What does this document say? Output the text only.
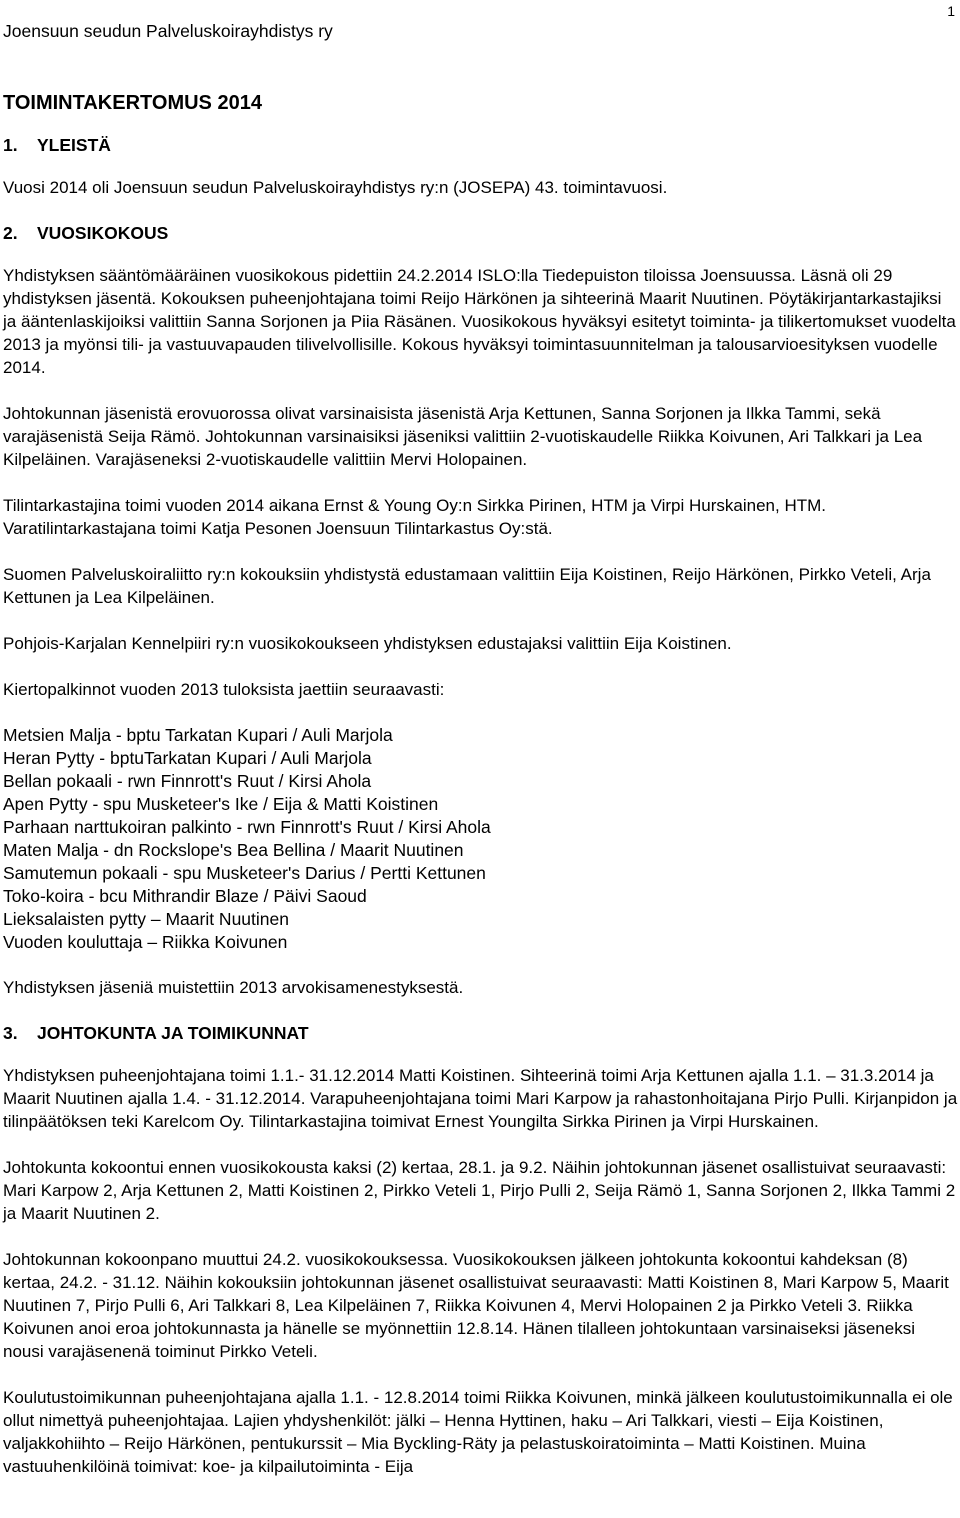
1
Joensuun seudun Palveluskoirayhdistys ry
TOIMINTAKERTOMUS 2014
1. YLEISTÄ

Vuosi 2014 oli Joensuun seudun Palveluskoirayhdistys ry:n (JOSEPA) 43. toimintavuosi.

2. VUOSIKOKOUS

Yhdistyksen sääntömääräinen vuosikokous pidettiin 24.2.2014 ISLO:lla Tiedepuiston tiloissa Joensuussa. Läsnä oli 29 yhdistyksen jäsentä. Kokouksen puheenjohtajana toimi Reijo Härkönen ja sihteerinä Maarit Nuutinen. Pöytäkirjantarkastajiksi ja ääntenlaskijoiksi valittiin Sanna Sorjonen ja Piia Räsänen. Vuosikokous hyväksyi esitetyt toiminta- ja tilikertomukset vuodelta 2013 ja myönsi tili- ja vastuuvapauden tilivelvollisille. Kokous hyväksyi toimintasuunnitelman ja talousarvioesityksen vuodelle 2014.

Johtokunnan jäsenistä erovuorossa olivat varsinaisista jäsenistä Arja Kettunen, Sanna Sorjonen ja Ilkka Tammi, sekä varajäsenistä Seija Rämö. Johtokunnan varsinaisiksi jäseniksi valittiin 2-vuotiskaudelle Riikka Koivunen, Ari Talkkari ja Lea Kilpeläinen. Varajäseneksi 2-vuotiskaudelle valittiin Mervi Holopainen.

Tilintarkastajina toimi vuoden 2014 aikana Ernst & Young Oy:n Sirkka Pirinen, HTM ja Virpi Hurskainen, HTM. Varatilintarkastajana toimi Katja Pesonen Joensuun Tilintarkastus Oy:stä.

Suomen Palveluskoiraliitto ry:n kokouksiin yhdistystä edustamaan valittiin Eija Koistinen, Reijo Härkönen, Pirkko Veteli, Arja Kettunen ja Lea Kilpeläinen.

Pohjois-Karjalan Kennelpiiri ry:n vuosikokoukseen yhdistyksen edustajaksi valittiin Eija Koistinen.

Kiertopalkinnot vuoden 2013 tuloksista jaettiin seuraavasti:

Metsien Malja - bptu Tarkatan Kupari / Auli Marjola
Heran Pytty - bptuTarkatan Kupari / Auli Marjola
Bellan pokaali - rwn Finnrott's Ruut / Kirsi Ahola
Apen Pytty - spu Musketeer's Ike / Eija & Matti Koistinen
Parhaan narttukoiran palkinto - rwn Finnrott's Ruut / Kirsi Ahola
Maten Malja - dn Rockslope's Bea Bellina / Maarit Nuutinen
Samutemun pokaali - spu Musketeer's Darius / Pertti Kettunen
Toko-koira - bcu Mithrandir Blaze / Päivi Saoud
Lieksalaisten pytty – Maarit Nuutinen
Vuoden kouluttaja – Riikka Koivunen

Yhdistyksen jäseniä muistettiin 2013 arvokisamenestyksestä.

3. JOHTOKUNTA JA TOIMIKUNNAT

Yhdistyksen puheenjohtajana toimi 1.1.- 31.12.2014 Matti Koistinen. Sihteerinä toimi Arja Kettunen ajalla 1.1. – 31.3.2014 ja Maarit Nuutinen ajalla 1.4. - 31.12.2014. Varapuheenjohtajana toimi Mari Karpow ja rahastonhoitajana Pirjo Pulli. Kirjanpidon ja tilinpäätöksen teki Karelcom Oy. Tilintarkastajina toimivat Ernest Youngilta Sirkka Pirinen ja Virpi Hurskainen.

Johtokunta kokoontui ennen vuosikokousta kaksi (2) kertaa, 28.1. ja 9.2. Näihin johtokunnan jäsenet osallistuivat seuraavasti: Mari Karpow 2, Arja Kettunen 2, Matti Koistinen 2, Pirkko Veteli 1, Pirjo Pulli 2, Seija Rämö 1, Sanna Sorjonen 2, Ilkka Tammi 2 ja Maarit Nuutinen 2.

Johtokunnan kokoonpano muuttui 24.2. vuosikokouksessa. Vuosikokouksen jälkeen johtokunta kokoontui kahdeksan (8) kertaa, 24.2. - 31.12. Näihin kokouksiin johtokunnan jäsenet osallistuivat seuraavasti: Matti Koistinen 8, Mari Karpow 5, Maarit Nuutinen 7, Pirjo Pulli 6, Ari Talkkari 8, Lea Kilpeläinen 7, Riikka Koivunen 4, Mervi Holopainen 2 ja Pirkko Veteli 3. Riikka Koivunen anoi eroa johtokunnasta ja hänelle se myönnettiin 12.8.14. Hänen tilalleen johtokuntaan varsinaiseksi jäseneksi nousi varajäsenenä toiminut Pirkko Veteli.

Koulutustoimikunnan puheenjohtajana ajalla 1.1. - 12.8.2014 toimi Riikka Koivunen, minkä jälkeen koulutustoimikunnalla ei ole ollut nimettyä puheenjohtajaa. Lajien yhdyshenkilöt: jälki – Henna Hyttinen, haku – Ari Talkkari, viesti – Eija Koistinen, valjakkohiihto – Reijo Härkönen, pentukurssit – Mia Byckling-Räty ja pelastuskoiratoiminta – Matti Koistinen. Muina vastuuhenkilöinä toimivat: koe- ja kilpailutoiminta - Eija
